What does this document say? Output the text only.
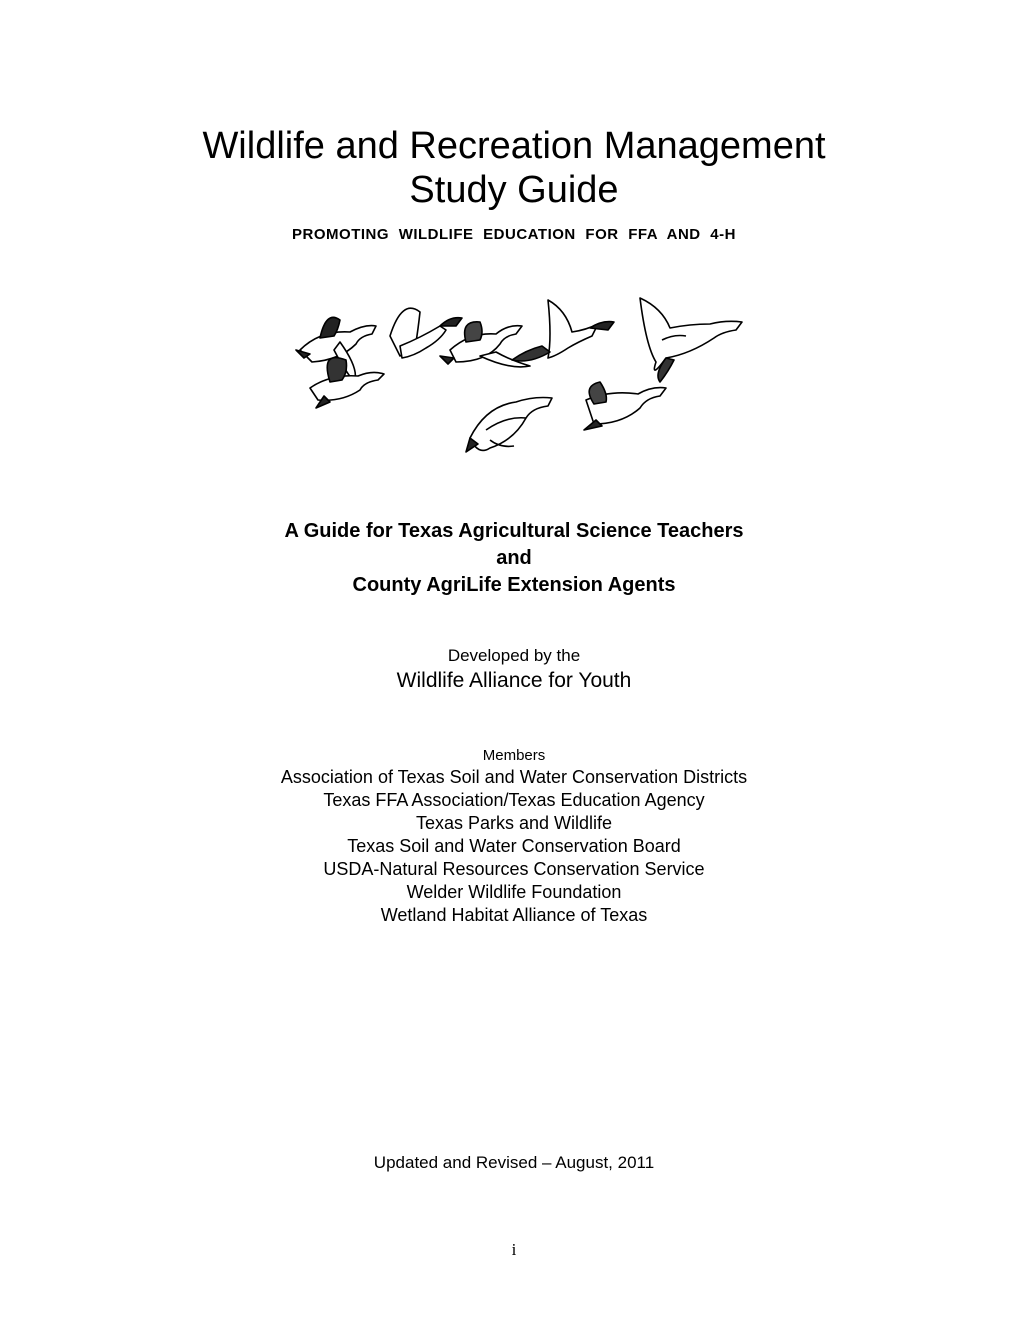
Wildlife and Recreation Management
Study Guide
PROMOTING WILDLIFE EDUCATION FOR FFA AND 4-H
A Guide for Texas Agricultural Science Teachers
and
County AgriLife Extension Agents
Developed by the
Wildlife Alliance for Youth
Members
Association of Texas Soil and Water Conservation Districts
Texas FFA Association/Texas Education Agency
Texas Parks and Wildlife
Texas Soil and Water Conservation Board
USDA-Natural Resources Conservation Service
Welder Wildlife Foundation
Wetland Habitat Alliance of Texas
Updated and Revised – August, 2011
i
